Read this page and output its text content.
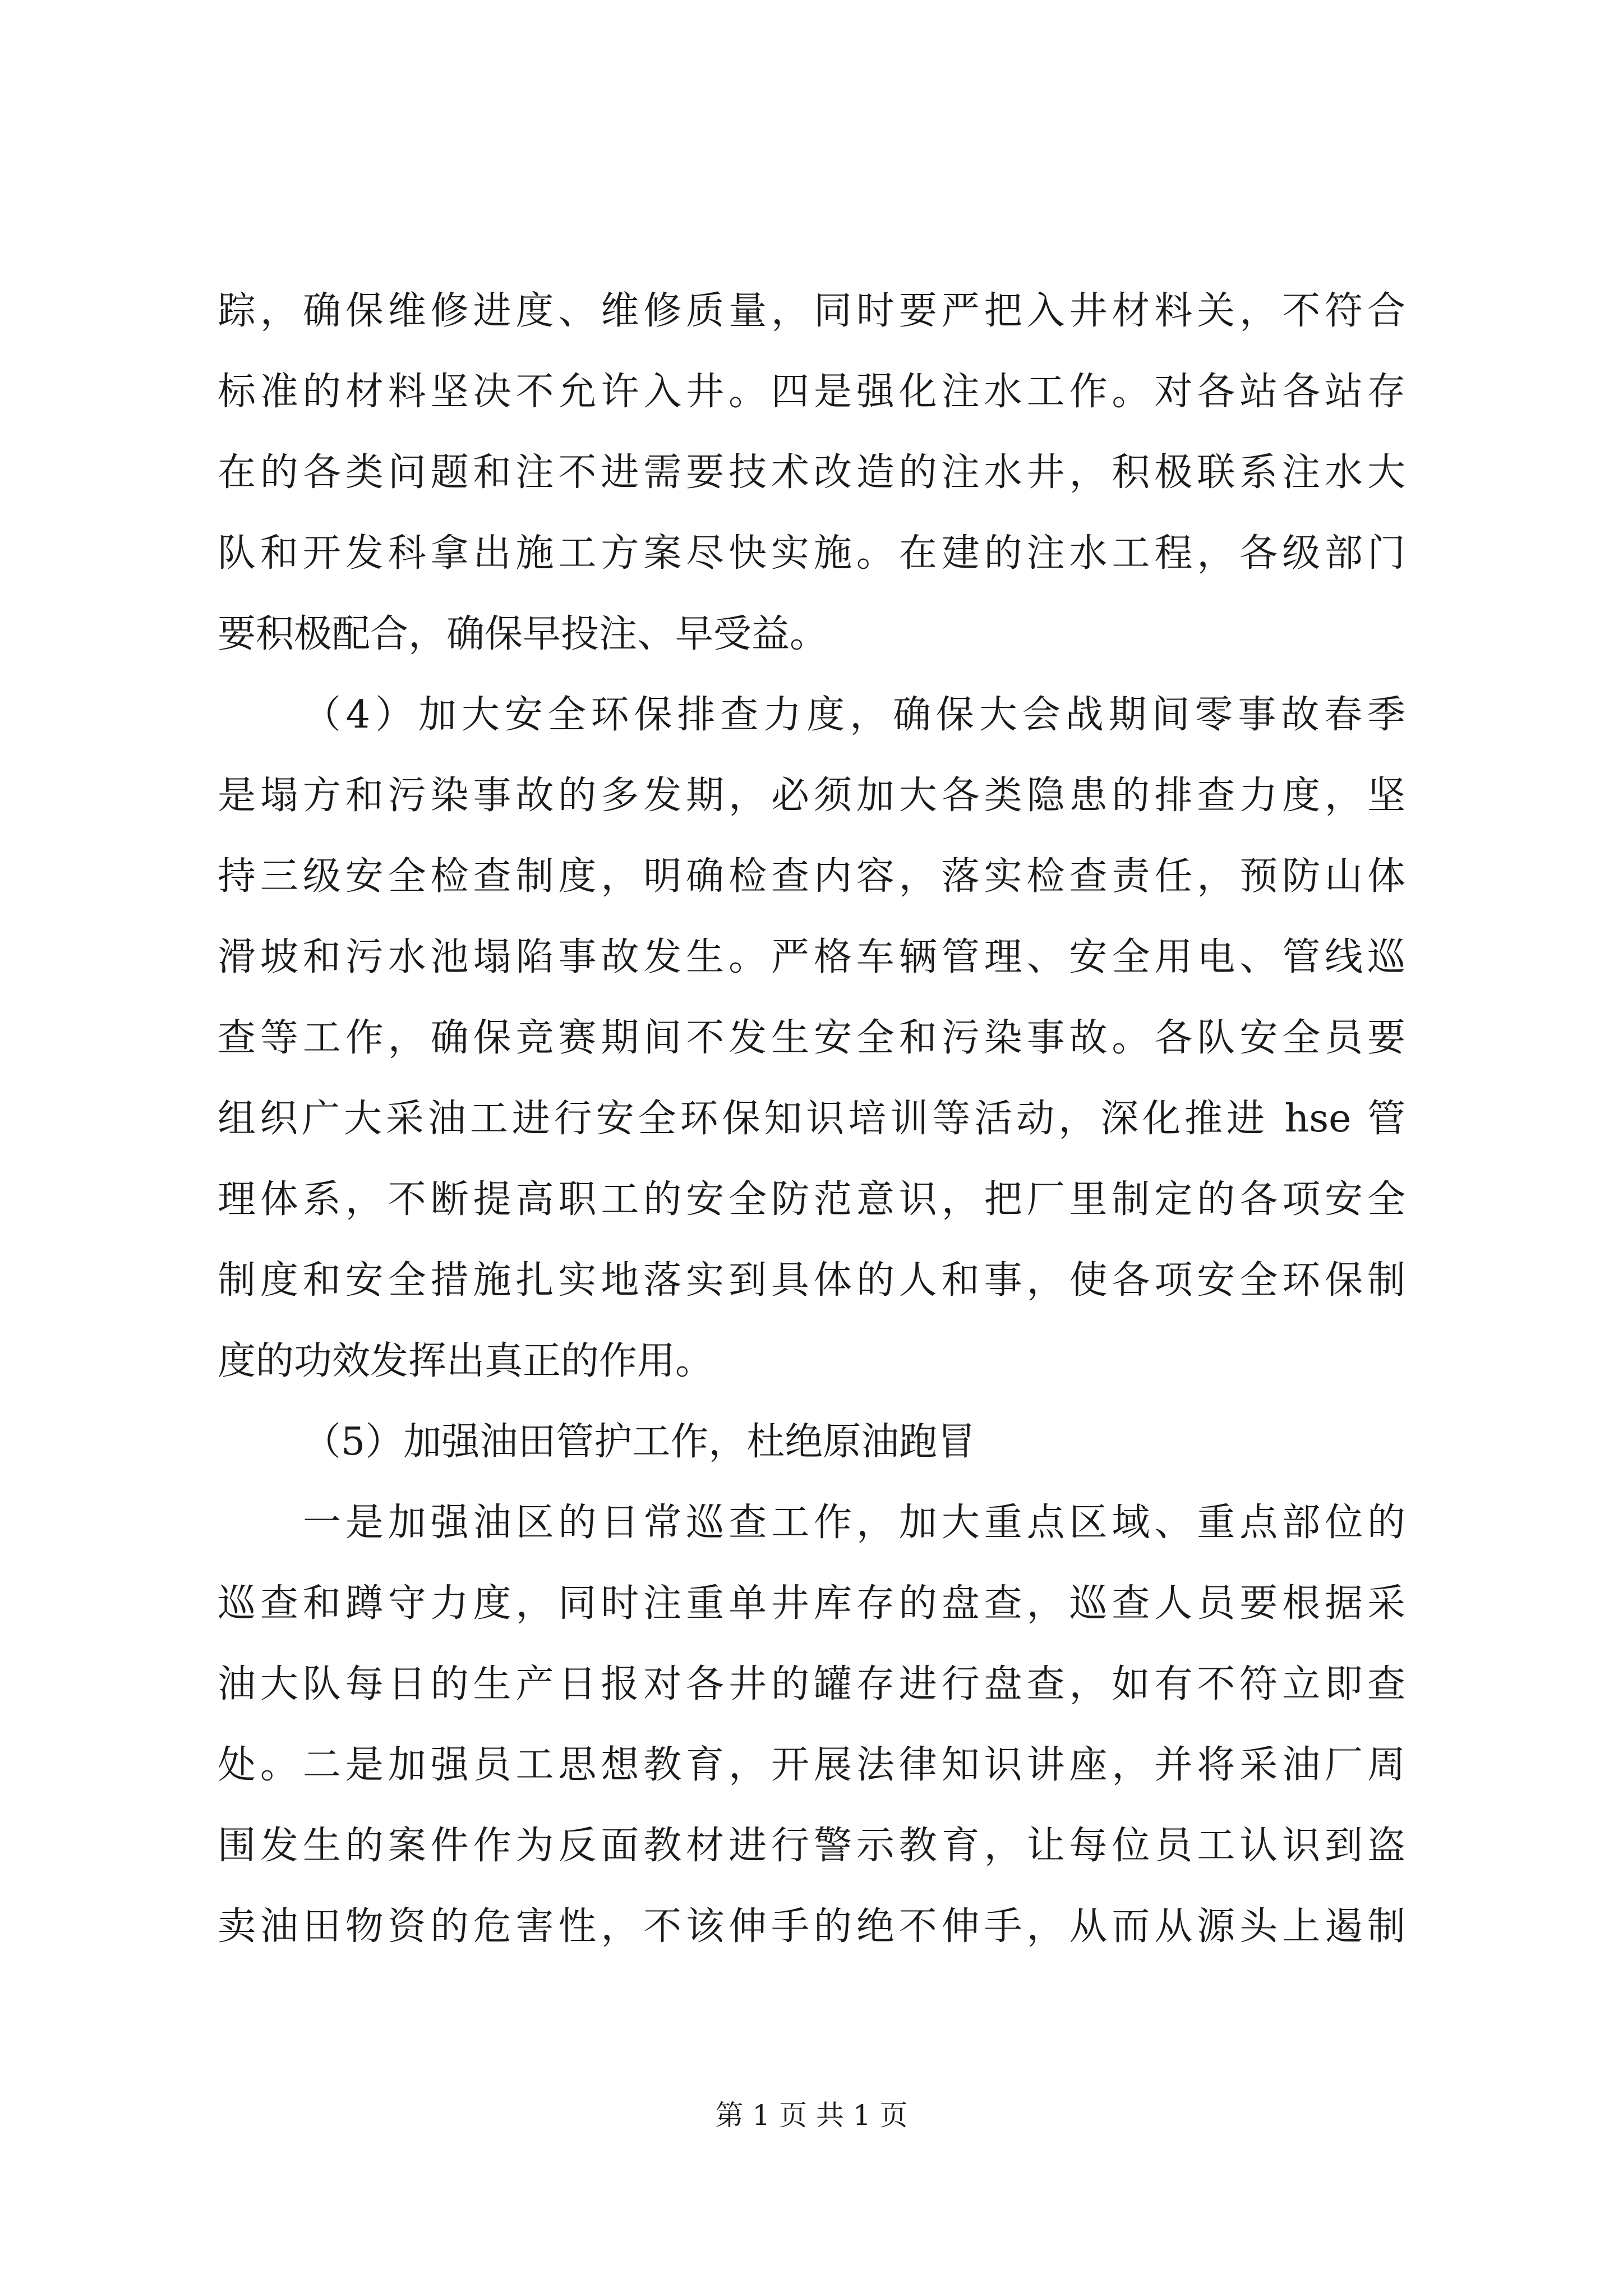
踪，确保维修进度、维修质量，同时要严把入井材料关，不符合
标准的材料坚决不允许入井。四是强化注水工作。对各站各站存
在的各类问题和注不进需要技术改造的注水井，积极联系注水大
队和开发科拿出施工方案尽快实施。在建的注水工程，各级部门
要积极配合，确保早投注、早受益。
（4）加大安全环保排查力度，确保大会战期间零事故春季
是塌方和污染事故的多发期，必须加大各类隐患的排查力度，坚
持三级安全检查制度，明确检查内容，落实检查责任，预防山体
滑坡和污水池塌陷事故发生。严格车辆管理、安全用电、管线巡
查等工作，确保竞赛期间不发生安全和污染事故。各队安全员要
组织广大采油工进行安全环保知识培训等活动，深化推进 hse 管
理体系，不断提高职工的安全防范意识，把厂里制定的各项安全
制度和安全措施扎实地落实到具体的人和事，使各项安全环保制
度的功效发挥出真正的作用。
（5）加强油田管护工作，杜绝原油跑冒
一是加强油区的日常巡查工作，加大重点区域、重点部位的
巡查和蹲守力度，同时注重单井库存的盘查，巡查人员要根据采
油大队每日的生产日报对各井的罐存进行盘查，如有不符立即查
处。二是加强员工思想教育，开展法律知识讲座，并将采油厂周
围发生的案件作为反面教材进行警示教育，让每位员工认识到盗
卖油田物资的危害性，不该伸手的绝不伸手，从而从源头上遏制
第 1 页 共 1 页
